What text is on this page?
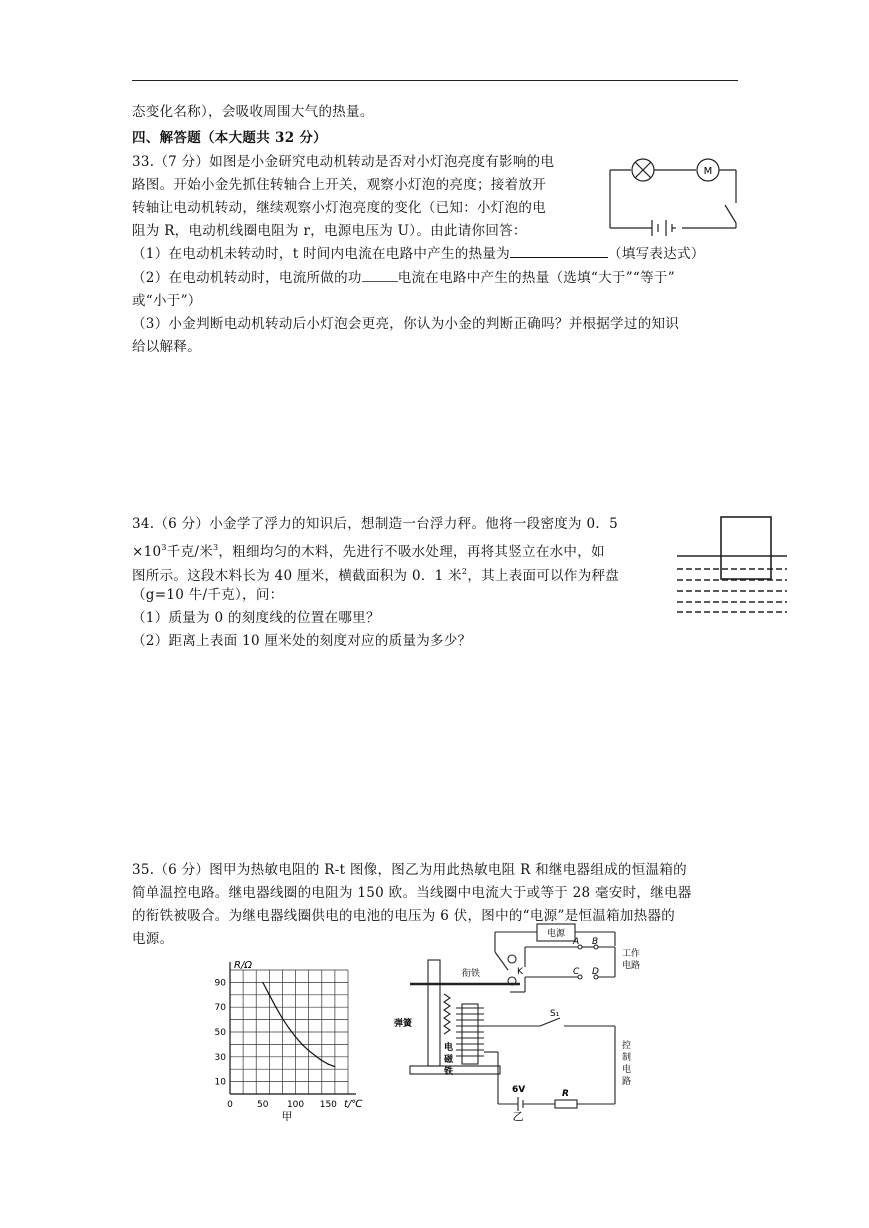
态变化名称），会吸收周围大气的热量。
四、解答题（本大题共 32 分）
33.（7 分）如图是小金研究电动机转动是否对小灯泡亮度有影响的电
路图。开始小金先抓住转轴合上开关，观察小灯泡的亮度；接着放开
转轴让电动机转动，继续观察小灯泡亮度的变化（已知：小灯泡的电
阻为 R，电动机线圈电阻为 r，电源电压为 U）。由此请你回答：
（1）在电动机未转动时，t 时间内电流在电路中产生的热量为	（填写表达式）
（2）在电动机转动时，电流所做的功	电流在电路中产生的热量（选填“大于”“等于”
或“小于”）
（3）小金判断电动机转动后小灯泡会更亮，你认为小金的判断正确吗？并根据学过的知识
给以解释。
M
34.（6 分）小金学了浮力的知识后，想制造一台浮力秤。他将一段密度为 0．5
$\times 10^3$千克/米$^3$，粗细均匀的木料，先进行不吸水处理，再将其竖立在水中，如
图所示。这段木料长为 40 厘米，横截面积为 0．1 米$^2$，其上表面可以作为秤盘
（g=10 牛/千克），问：
（1）质量为 0 的刻度线的位置在哪里？
（2）距离上表面 10 厘米处的刻度对应的质量为多少？
35.（6 分）图甲为热敏电阻的 R-t 图像，图乙为用此热敏电阻 R 和继电器组成的恒温箱的
简单温控电路。继电器线圈的电阻为 150 欧。当线圈中电流大于或等于 28 毫安时，继电器
的衔铁被吸合。为继电器线圈供电的电池的电压为 6 伏，图中的“电源”是恒温箱加热器的
电源。
90
70
50
30
10
0	50 100 150
R/Ω
t/℃
甲
电源
A B
C D
工作
电路
衔铁	K
弹簧
电
磁
铁
S₁
控
制
电
路
6V	R
乙
